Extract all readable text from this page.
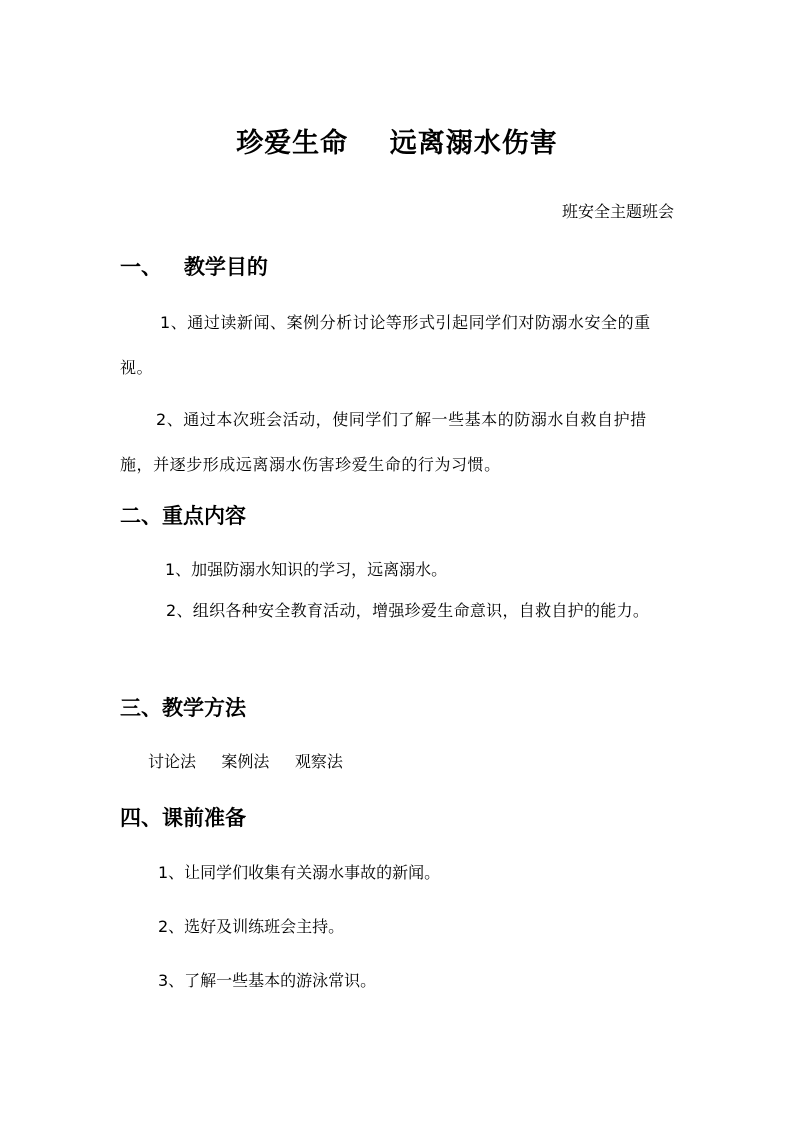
珍爱生命    远离溺水伤害
班安全主题班会
一、   教学目的
1、通过读新闻、案例分析讨论等形式引起同学们对防溺水安全的重视。
2、通过本次班会活动，使同学们了解一些基本的防溺水自救自护措施，并逐步形成远离溺水伤害珍爱生命的行为习惯。
二、重点内容
1、加强防溺水知识的学习，远离溺水。
2、组织各种安全教育活动，增强珍爱生命意识，自救自护的能力。
三、教学方法
讨论法     案例法     观察法
四、课前准备
1、让同学们收集有关溺水事故的新闻。
2、选好及训练班会主持。
3、了解一些基本的游泳常识。
